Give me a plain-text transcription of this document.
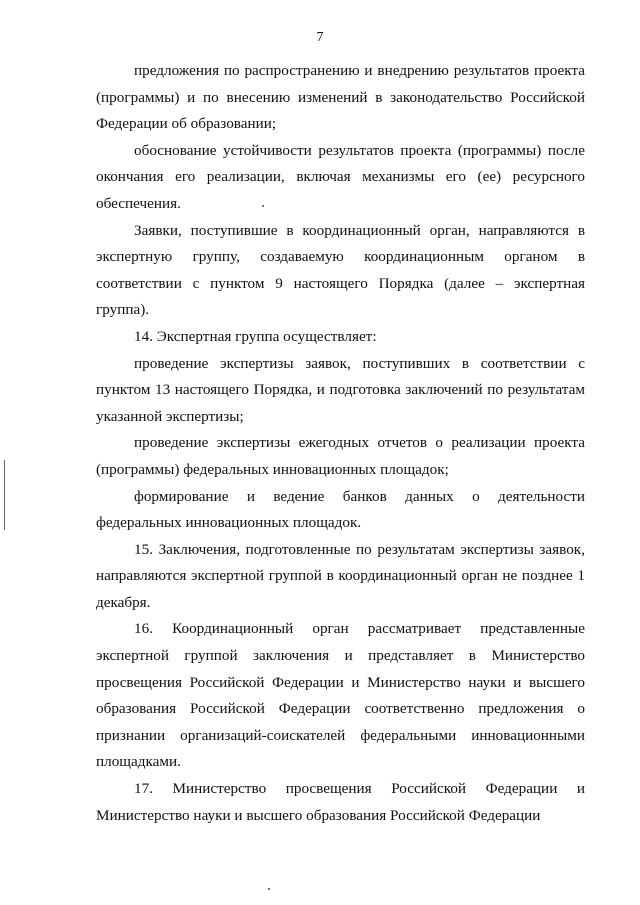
7

предложения по распространению и внедрению результатов проекта (программы) и по внесению изменений в законодательство Российской Федерации об образовании;

обоснование устойчивости результатов проекта (программы) после окончания его реализации, включая механизмы его (ее) ресурсного обеспечения.

Заявки, поступившие в координационный орган, направляются в экспертную группу, создаваемую координационным органом в соответствии с пунктом 9 настоящего Порядка (далее – экспертная группа).

14. Экспертная группа осуществляет:

проведение экспертизы заявок, поступивших в соответствии с пунктом 13 настоящего Порядка, и подготовка заключений по результатам указанной экспертизы;

проведение экспертизы ежегодных отчетов о реализации проекта (программы) федеральных инновационных площадок;

формирование и ведение банков данных о деятельности федеральных инновационных площадок.

15. Заключения, подготовленные по результатам экспертизы заявок, направляются экспертной группой в координационный орган не позднее 1 декабря.

16. Координационный орган рассматривает представленные экспертной группой заключения и представляет в Министерство просвещения Российской Федерации и Министерство науки и высшего образования Российской Федерации соответственно предложения о признании организаций-соискателей федеральными инновационными площадками.

17. Министерство просвещения Российской Федерации и Министерство науки и высшего образования Российской Федерации
